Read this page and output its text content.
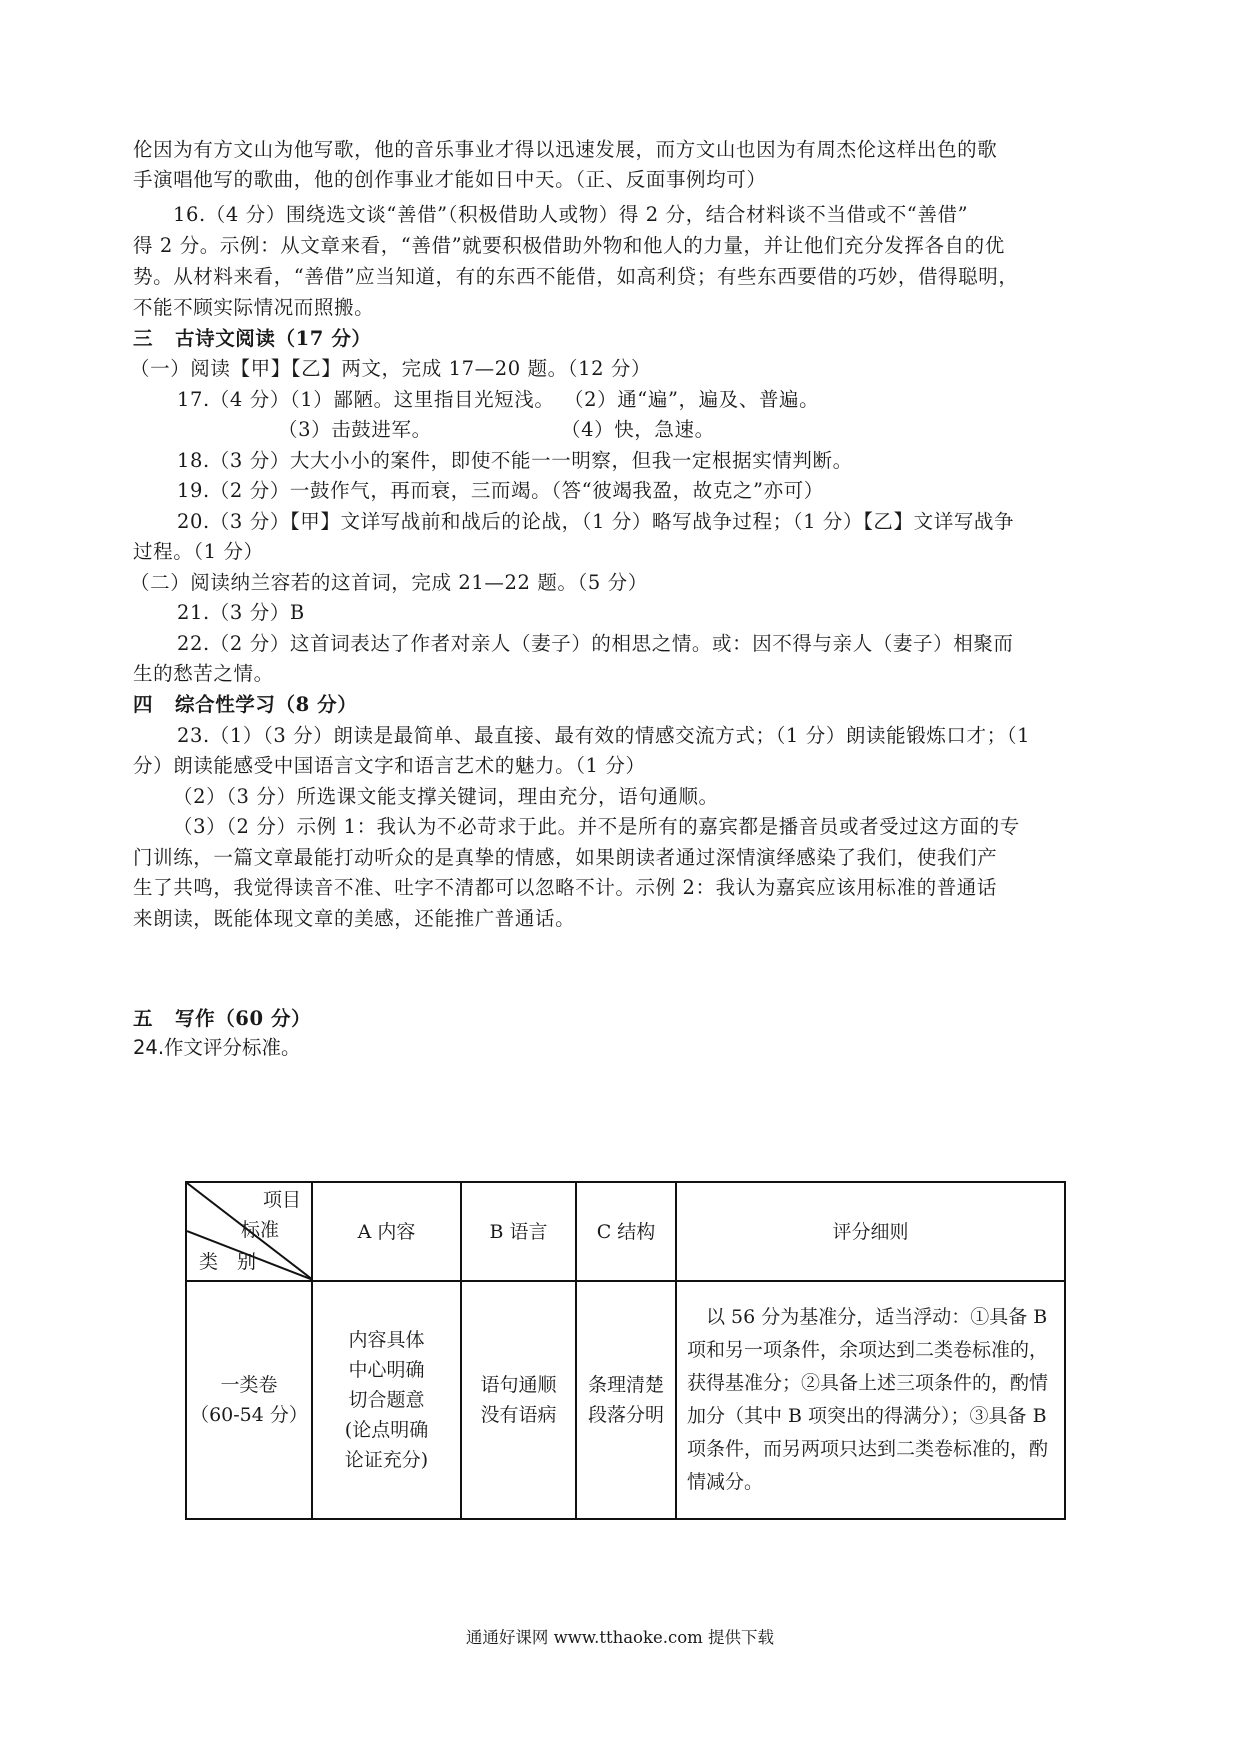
伦因为有方文山为他写歌，他的音乐事业才得以迅速发展，而方文山也因为有周杰伦这样出色的歌
手演唱他写的歌曲，他的创作事业才能如日中天。（正、反面事例均可）
16.（4 分）围绕选文谈“善借”（积极借助人或物）得 2 分，结合材料谈不当借或不“善借”
得 2 分。示例：从文章来看，“善借”就要积极借助外物和他人的力量，并让他们充分发挥各自的优
势。从材料来看，“善借”应当知道，有的东西不能借，如高利贷；有些东西要借的巧妙，借得聪明，
不能不顾实际情况而照搬。
三 古诗文阅读（17 分）
（一）阅读【甲】【乙】两文，完成 17—20 题。（12 分）
17.（4 分）（1）鄙陋。这里指目光短浅。 （2）通“遍”，遍及、普遍。
（3）击鼓进军。	（4）快，急速。
18.（3 分）大大小小的案件，即使不能一一明察，但我一定根据实情判断。
19.（2 分）一鼓作气，再而衰，三而竭。（答“彼竭我盈，故克之”亦可）
20.（3 分）【甲】文详写战前和战后的论战，（1 分）略写战争过程；（1 分）【乙】文详写战争
过程。（1 分）
（二）阅读纳兰容若的这首词，完成 21—22 题。（5 分）
21.（3 分）B
22.（2 分）这首词表达了作者对亲人（妻子）的相思之情。或：因不得与亲人（妻子）相聚而
生的愁苦之情。
四 综合性学习（8 分）
23.（1）（3 分）朗读是最简单、最直接、最有效的情感交流方式；（1 分）朗读能锻炼口才；（1
分）朗读能感受中国语言文字和语言艺术的魅力。（1 分）
（2）（3 分）所选课文能支撑关键词，理由充分，语句通顺。
（3）（2 分）示例 1：我认为不必苛求于此。并不是所有的嘉宾都是播音员或者受过这方面的专
门训练，一篇文章最能打动听众的是真挚的情感，如果朗读者通过深情演绎感染了我们，使我们产
生了共鸣，我觉得读音不准、吐字不清都可以忽略不计。示例 2：我认为嘉宾应该用标准的普通话
来朗读，既能体现文章的美感，还能推广普通话。
五 写作（60 分）
24.作文评分标准。
项目
标准
类　别	A 内容	B 语言	C 结构	评分细则

一类卷
（60-54 分）	内容具体
中心明确
切合题意
(论点明确
论证充分)	语句通顺
没有语病	条理清楚
段落分明	　以 56 分为基准分，适当浮动：①具备 B 项和另一项条件，余项达到二类卷标准的，获得基准分；②具备上述三项条件的，酌情加分（其中 B 项突出的得满分）；③具备 B 项条件，而另两项只达到二类卷标准的，酌情减分。
通通好课网 www.tthaoke.com 提供下载
